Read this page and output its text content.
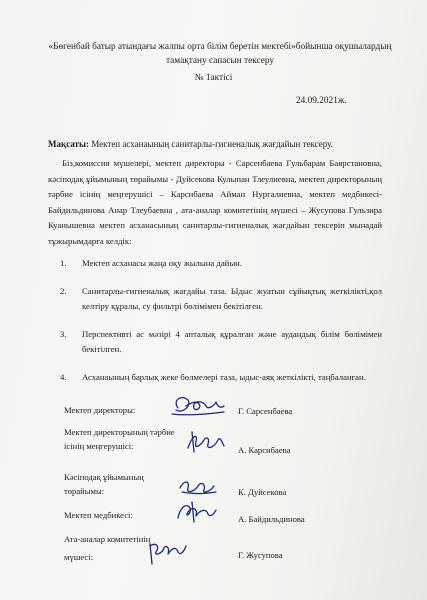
«Бөгенбай батыр атындағы жалпы орта білім беретін мектебі»бойынша оқушылардың тамақтану сапасын тексеру
№ 1актісі
24.09.2021ж.
Мақсаты: Мектеп асханаының санитарлы-гигиеналық жағдайын тексеру.
Біз,комиссия мүшелері, мектеп директоры - Сарсенбаева Гульбарам Баярстановна, кәсіподақ ұйымының төрайымы - Дуйсекова Кулыпан Тлеулиевна, мектеп директорының тәрбие ісінің меңгерушісі – Карсибаева Айман Нургалиевна, мектеп медбикесі-Байдильдинова Анар Тлеубаевна , ата-аналар комитетінің мүшесі – Жусупова Гульзира Куанышевна мектеп асханасының санитарлы-гигиеналық жағдайын тексеріп мынадай тұжырымдарға келдік:
1. Мектеп асханасы жаңа оқу жылына дайын.
2. Санитарлы-гигиеналық жағдайы таза. Ыдыс жуатын сұйықтық жеткілікті,қол келтіру құралы, су фильтрі бөлімімен бекітілген.
3. Перспективті ас мәзірі 4 апталық құралған және аудандық білім бөлімімен бекітілген.
4. Асханаының барлық жеке бөлмелері таза, ыдыс-аяқ жеткілікті, таңбаланған.
Мектеп директоры:	Г. Сарсенбаева
Мектеп директорының тәрбие ісінің меңгерушісі:	А. Карсибаева
Кәсіподақ ұйымының төрайымы:	К. Дуйсекова
Мектеп медбикесі:	А. Байдильдинова
Ата-аналар комитетінің мүшесі:	Г. Жусупова
